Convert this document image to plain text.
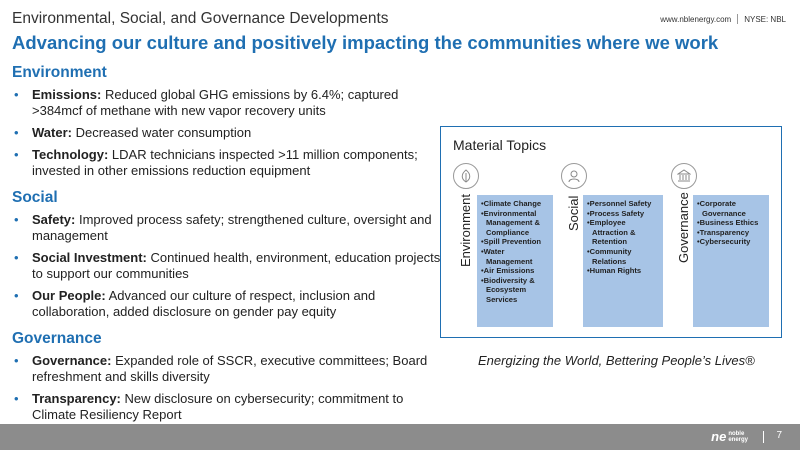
Environmental, Social, and Governance Developments
Advancing our culture and positively impacting the communities where we work
www.nblenergy.com NYSE: NBL
Environment
• Emissions: Reduced global GHG emissions by 6.4%; captured >384mcf of methane with new vapor recovery units
• Water: Decreased water consumption
• Technology: LDAR technicians inspected >11 million components; invested in other emissions reduction equipment
Social
• Safety: Improved process safety; strengthened culture, oversight and management
• Social Investment: Continued health, environment, education projects to support our communities
• Our People: Advanced our culture of respect, inclusion and collaboration, added disclosure on gender pay equity
Governance
• Governance: Expanded role of SSCR, executive committees; Board refreshment and skills diversity
• Transparency: New disclosure on cybersecurity; commitment to Climate Resiliency Report
Material Topics
Environment	• Climate Change
• Environmental Management & Compliance
• Spill Prevention
• Water Management
• Air Emissions
• Biodiversity & Ecosystem Services
Social	• Personnel Safety
• Process Safety
• Employee Attraction & Retention
• Community Relations
• Human Rights
Governance	• Corporate Governance
• Business Ethics
• Transparency
• Cybersecurity
Energizing the World, Bettering People’s Lives®
ne noble
energy	7
